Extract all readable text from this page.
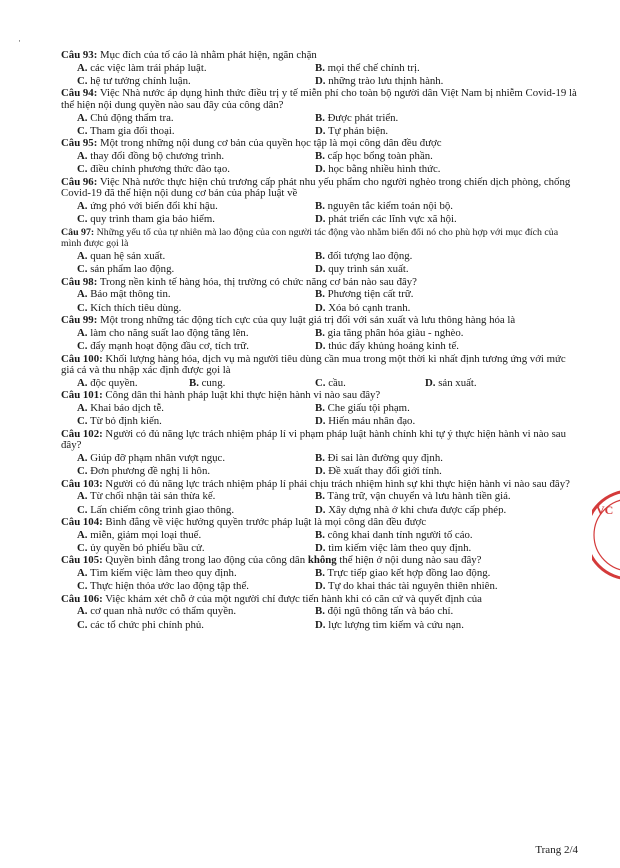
·

Câu 93: Mục đích của tố cáo là nhằm phát hiện, ngăn chặn

A. các việc làm trái pháp luật.	B. mọi thể chế chính trị.
C. hệ tư tưởng chính luận.	D. những trào lưu thịnh hành.

Câu 94: Việc Nhà nước áp dụng hình thức điều trị y tế miễn phí cho toàn bộ người dân Việt Nam bị nhiễm Covid-19 là thể hiện nội dung quyền nào sau đây của công dân?

A. Chủ động thẩm tra.	B. Được phát triển.
C. Tham gia đối thoại.	D. Tự phản biện.

Câu 95: Một trong những nội dung cơ bản của quyền học tập là mọi công dân đều được

A. thay đổi đồng bộ chương trình.	B. cấp học bổng toàn phần.
C. điều chỉnh phương thức đào tạo.	D. học bằng nhiều hình thức.

Câu 96: Việc Nhà nước thực hiện chủ trương cấp phát nhu yếu phẩm cho người nghèo trong chiến dịch phòng, chống Covid-19 đã thể hiện nội dung cơ bản của pháp luật về

A. ứng phó với biến đổi khí hậu.	B. nguyên tắc kiểm toán nội bộ.
C. quy trình tham gia bảo hiểm.	D. phát triển các lĩnh vực xã hội.

Câu 97: Những yếu tố của tự nhiên mà lao động của con người tác động vào nhằm biến đổi nó cho phù hợp với mục đích của mình được gọi là

A. quan hệ sản xuất.	B. đối tượng lao động.
C. sản phẩm lao động.	D. quy trình sản xuất.

Câu 98: Trong nền kinh tế hàng hóa, thị trường có chức năng cơ bản nào sau đây?

A. Bảo mật thông tin.	B. Phương tiện cất trữ.
C. Kích thích tiêu dùng.	D. Xóa bỏ cạnh tranh.

Câu 99: Một trong những tác động tích cực của quy luật giá trị đối với sản xuất và lưu thông hàng hóa là

A. làm cho năng suất lao động tăng lên.	B. gia tăng phân hóa giàu - nghèo.
C. đẩy mạnh hoạt động đầu cơ, tích trữ.	D. thúc đẩy khủng hoảng kinh tế.

Câu 100: Khối lượng hàng hóa, dịch vụ mà người tiêu dùng cần mua trong một thời kì nhất định tương ứng với mức giá cả và thu nhập xác định được gọi là

A. độc quyền.	B. cung.	C. cầu.	D. sản xuất.

Câu 101: Công dân thi hành pháp luật khi thực hiện hành vi nào sau đây?

A. Khai báo dịch tễ.	B. Che giấu tội phạm.
C. Từ bỏ định kiến.	D. Hiến máu nhân đạo.

Câu 102: Người có đủ năng lực trách nhiệm pháp lí vi phạm pháp luật hành chính khi tự ý thực hiện hành vi nào sau đây?

A. Giúp đỡ phạm nhân vượt ngục.	B. Đi sai làn đường quy định.
C. Đơn phương đề nghị li hôn.	D. Đề xuất thay đổi giới tính.

Câu 103: Người có đủ năng lực trách nhiệm pháp lí phải chịu trách nhiệm hình sự khi thực hiện hành vi nào sau đây?

A. Từ chối nhận tài sản thừa kế.	B. Tàng trữ, vận chuyển và lưu hành tiền giả.
C. Lấn chiếm công trình giao thông.	D. Xây dựng nhà ở khi chưa được cấp phép.

Câu 104: Bình đẳng về việc hưởng quyền trước pháp luật là mọi công dân đều được

A. miễn, giảm mọi loại thuế.	B. công khai danh tính người tố cáo.
C. ủy quyền bỏ phiếu bầu cử.	D. tìm kiếm việc làm theo quy định.

Câu 105: Quyền bình đẳng trong lao động của công dân không thể hiện ở nội dung nào sau đây?

A. Tìm kiếm việc làm theo quy định.	B. Trực tiếp giao kết hợp đồng lao động.
C. Thực hiện thỏa ước lao động tập thể.	D. Tự do khai thác tài nguyên thiên nhiên.

Câu 106: Việc khám xét chỗ ở của một người chỉ được tiến hành khi có căn cứ và quyết định của

A. cơ quan nhà nước có thẩm quyền.	B. đội ngũ thông tấn và báo chí.
C. các tổ chức phi chính phủ.	D. lực lượng tìm kiếm và cứu nạn.
VC
Trang 2/4
